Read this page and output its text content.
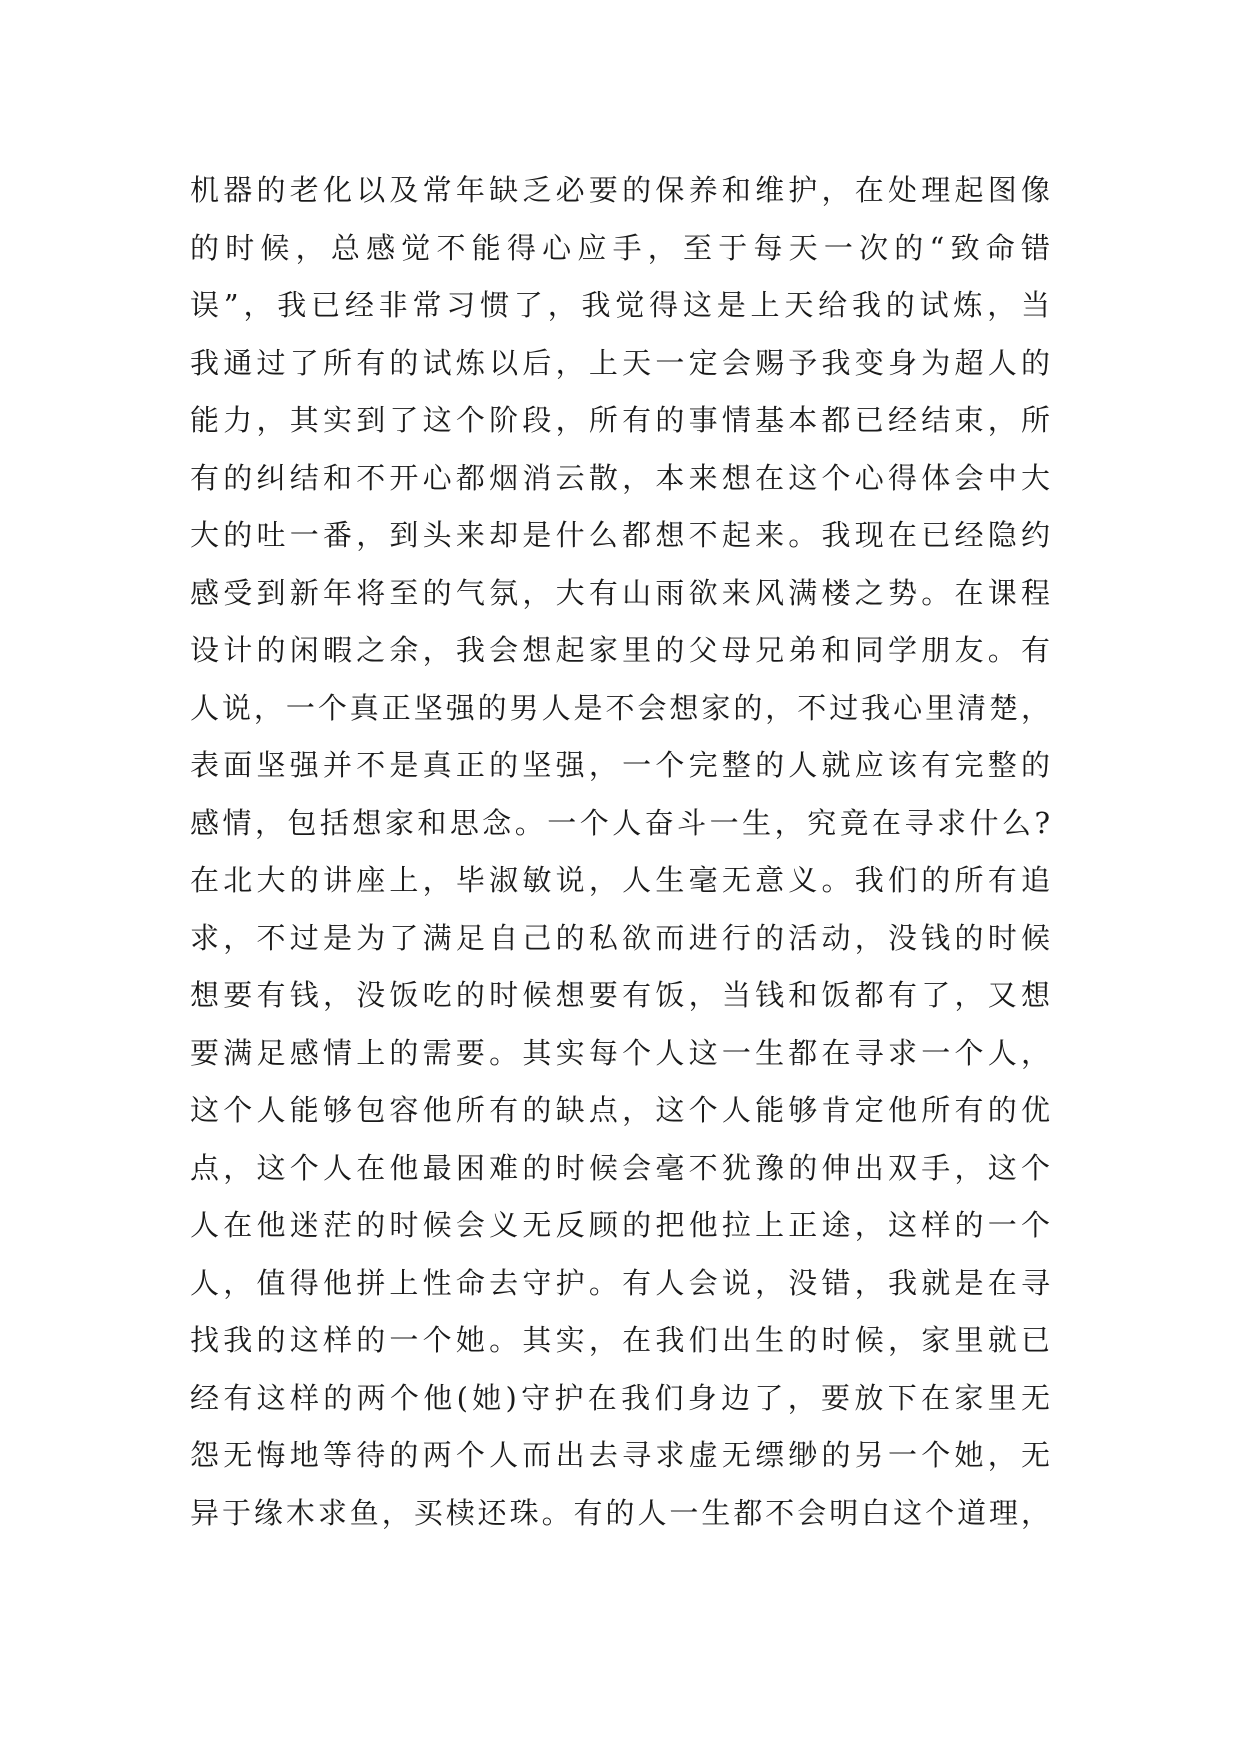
机器的老化以及常年缺乏必要的保养和维护，在处理起图像
的时候，总感觉不能得心应手，至于每天一次的“致命错
误”，我已经非常习惯了，我觉得这是上天给我的试炼，当
我通过了所有的试炼以后，上天一定会赐予我变身为超人的
能力，其实到了这个阶段，所有的事情基本都已经结束，所
有的纠结和不开心都烟消云散，本来想在这个心得体会中大
大的吐一番，到头来却是什么都想不起来。我现在已经隐约
感受到新年将至的气氛，大有山雨欲来风满楼之势。在课程
设计的闲暇之余，我会想起家里的父母兄弟和同学朋友。有
人说，一个真正坚强的男人是不会想家的，不过我心里清楚，
表面坚强并不是真正的坚强，一个完整的人就应该有完整的
感情，包括想家和思念。一个人奋斗一生，究竟在寻求什么?
在北大的讲座上，毕淑敏说，人生毫无意义。我们的所有追
求，不过是为了满足自己的私欲而进行的活动，没钱的时候
想要有钱，没饭吃的时候想要有饭，当钱和饭都有了，又想
要满足感情上的需要。其实每个人这一生都在寻求一个人，
这个人能够包容他所有的缺点，这个人能够肯定他所有的优
点，这个人在他最困难的时候会毫不犹豫的伸出双手，这个
人在他迷茫的时候会义无反顾的把他拉上正途，这样的一个
人，值得他拼上性命去守护。有人会说，没错，我就是在寻
找我的这样的一个她。其实，在我们出生的时候，家里就已
经有这样的两个他(她)守护在我们身边了，要放下在家里无
怨无悔地等待的两个人而出去寻求虚无缥缈的另一个她，无
异于缘木求鱼，买椟还珠。有的人一生都不会明白这个道理，
